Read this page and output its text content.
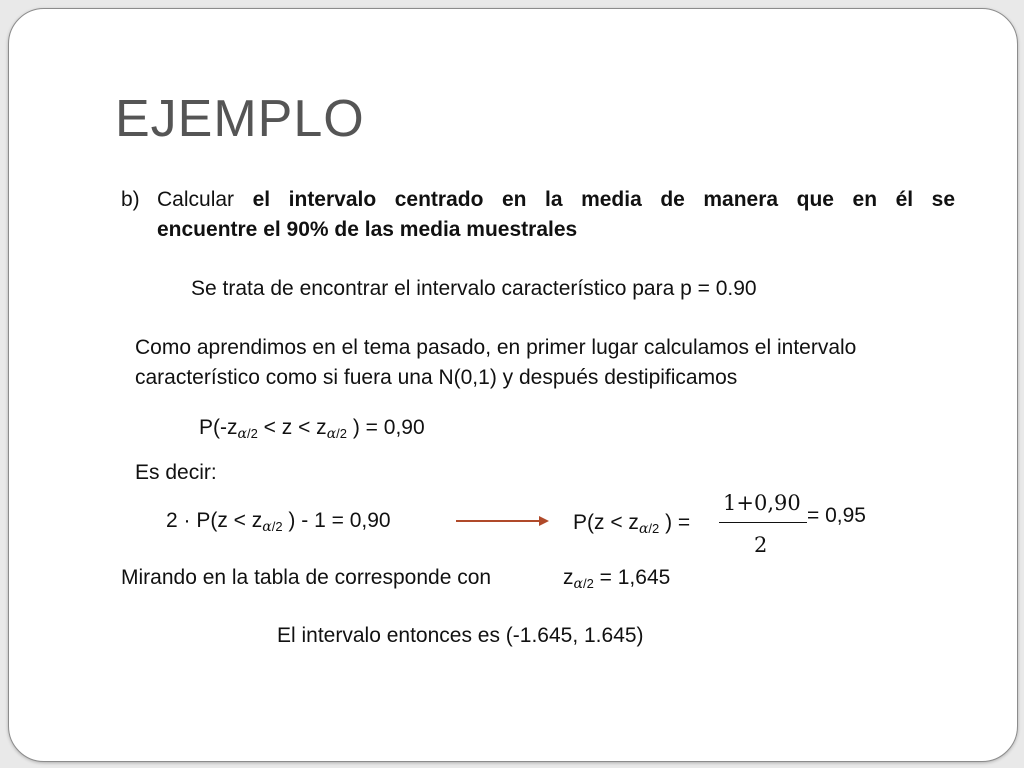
EJEMPLO
b) Calcular el intervalo centrado en la media de manera que en él se
encuentre el 90% de las media muestrales
Se trata de encontrar el intervalo característico para p = 0.90
Como aprendimos en el tema pasado, en primer lugar calculamos el intervalo
característico como si fuera una N(0,1) y después destipificamos
$P(-z\alpha_{/2} < z < z\alpha_{/2}$ ) = 0,90
Es decir:
$2 \cdot P(z < z\alpha_{/2}$ ) - 1 = 0,90	$P(z < z\alpha_{/2}$ ) =
1+0,90
2
= 0,95
Mirando en la tabla de corresponde con	$z\alpha_{/2} = 1,645$
El intervalo entonces es (-1.645, 1.645)
